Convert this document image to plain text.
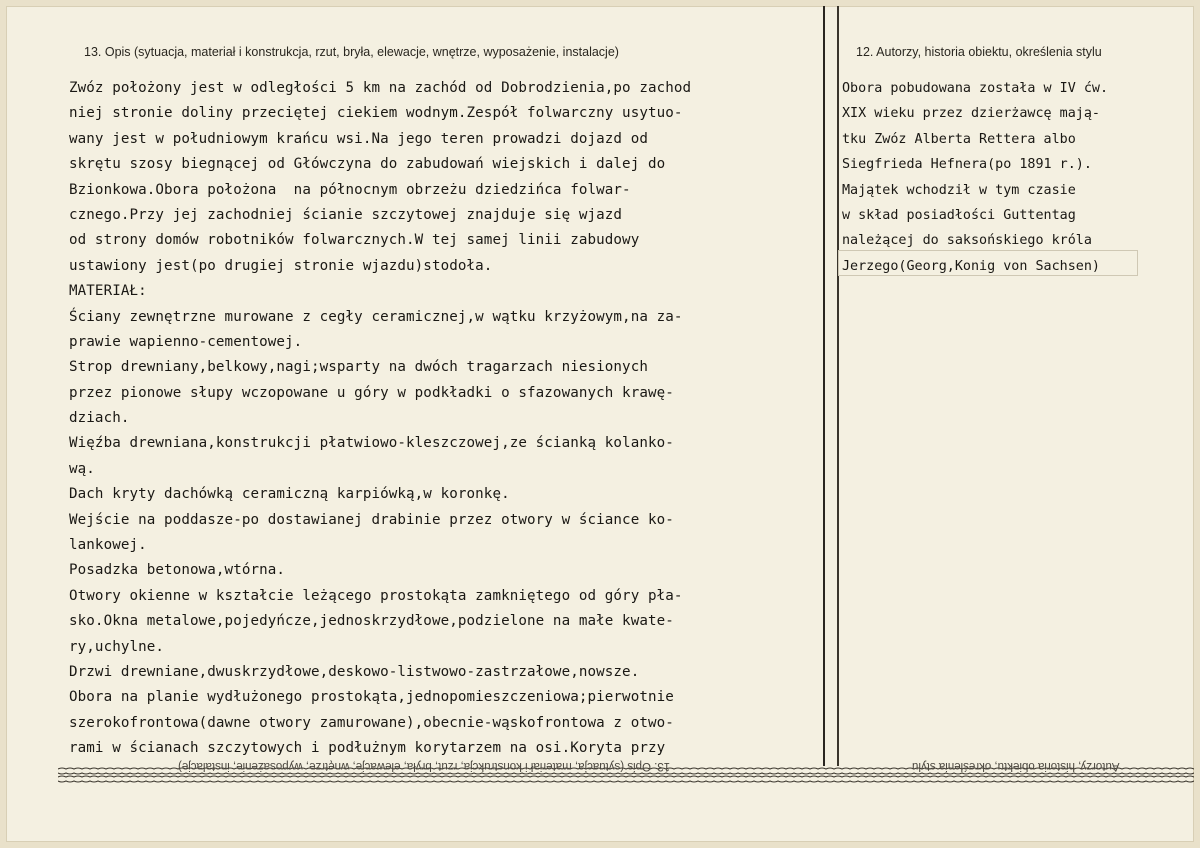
13. Opis (sytuacja, materiał i konstrukcja, rzut, bryła, elewacje, wnętrze, wyposażenie, instalacje)	12. Autorzy, historia obiektu, określenia stylu
Zwóz położony jest w odległości 5 km na zachód od Dobrodzienia,po zachod
niej stronie doliny przeciętej ciekiem wodnym.Zespół folwarczny usytuo-
wany jest w południowym krańcu wsi.Na jego teren prowadzi dojazd od
skrętu szosy biegnącej od Główczyna do zabudowań wiejskich i dalej do
Bzionkowa.Obora położona  na północnym obrzeżu dziedzińca folwar-
cznego.Przy jej zachodniej ścianie szczytowej znajduje się wjazd
od strony domów robotników folwarcznych.W tej samej linii zabudowy
ustawiony jest(po drugiej stronie wjazdu)stodoła.
MATERIAŁ:
Ściany zewnętrzne murowane z cegły ceramicznej,w wątku krzyżowym,na za-
prawie wapienno-cementowej.
Strop drewniany,belkowy,nagi;wsparty na dwóch tragarzach niesionych
przez pionowe słupy wczopowane u góry w podkładki o sfazowanych krawę-
dziach.
Więźba drewniana,konstrukcji płatwiowo-kleszczowej,ze ścianką kolanko-
wą.
Dach kryty dachówką ceramiczną karpiówką,w koronkę.
Wejście na poddasze-po dostawianej drabinie przez otwory w ściance ko-
lankowej.
Posadzka betonowa,wtórna.
Otwory okienne w kształcie leżącego prostokąta zamkniętego od góry pła-
sko.Okna metalowe,pojedyńcze,jednoskrzydłowe,podzielone na małe kwate-
ry,uchylne.
Drzwi drewniane,dwuskrzydłowe,deskowo-listwowo-zastrzałowe,nowsze.
Obora na planie wydłużonego prostokąta,jednopomieszczeniowa;pierwotnie
szerokofrontowa(dawne otwory zamurowane),obecnie-wąskofrontowa z otwo-
rami w ścianach szczytowych i podłużnym korytarzem na osi.Koryta przy
Obora pobudowana została w IV ćw.
XIX wieku przez dzierżawcę mają-
tku Zwóz Alberta Rettera albo
Siegfrieda Hefnera(po 1891 r.).
Majątek wchodził w tym czasie
w skład posiadłości Guttentag
należącej do saksońskiego króla
Jerzego(Georg,Konig von Sachsen)
13. Opis (sytuacja, materiał i konstrukcja, rzut, bryła, elewacje, wnętrze, wyposażenie, instalacje)	Autorzy, historia obiektu, określenia stylu
